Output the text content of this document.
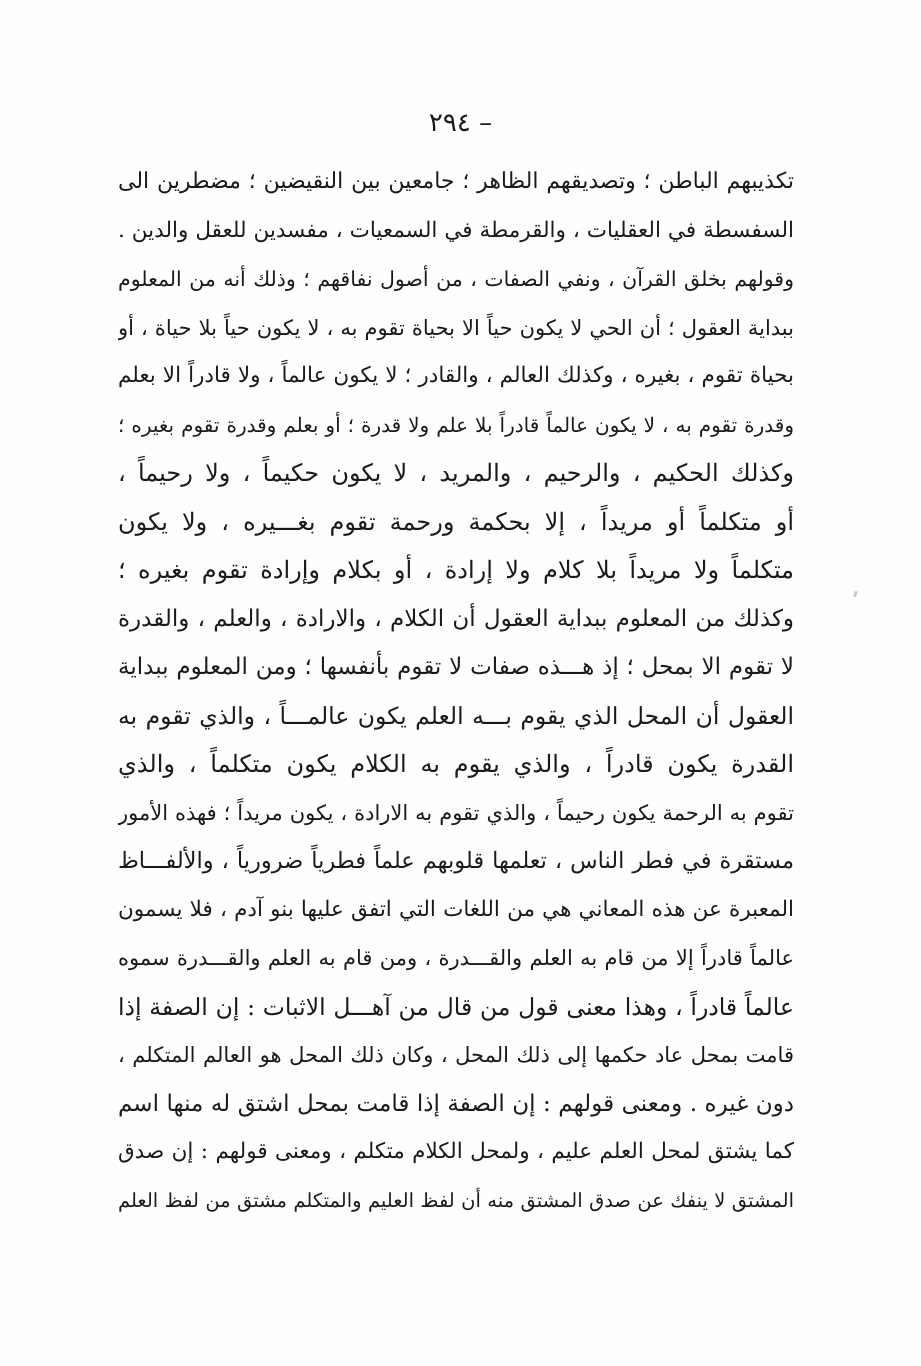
– ٢٩٤
تكذيبهم الباطن ؛ وتصديقهم الظاهر ؛ جامعين بين النقيضين ؛ مضطرين الى
السفسطة في العقليات ، والقرمطة في السمعيات ، مفسدين للعقل والدين .
وقولهم بخلق القرآن ، ونفي الصفات ، من أصول نفاقهم ؛ وذلك أنه من المعلوم
ببداية العقول ؛ أن الحي لا يكون حياً الا بحياة تقوم به ، لا يكون حياً بلا حياة ، أو
بحياة تقوم ، بغيره ، وكذلك العالم ، والقادر ؛ لا يكون عالماً ، ولا قادراً الا بعلم
وقدرة تقوم به ، لا يكون عالماً قادراً بلا علم ولا قدرة ؛ أو بعلم وقدرة تقوم بغيره ؛
وكذلك الحكيم ، والرحيم ، والمريد ، لا يكون حكيماً ، ولا رحيماً ،
أو متكلماً أو مريداً ، إلا بحكمة ورحمة تقوم بغـــيره ، ولا يكون
متكلماً ولا مريداً بلا كلام ولا إرادة ، أو بكلام وإرادة تقوم بغيره ؛
وكذلك من المعلوم ببداية العقول أن الكلام ، والارادة ، والعلم ، والقدرة
لا تقوم الا بمحل ؛ إذ هـــذه صفات لا تقوم بأنفسها ؛ ومن المعلوم ببداية
العقول أن المحل الذي يقوم بـــه العلم يكون عالمـــاً ، والذي تقوم به
القدرة يكون قادراً ، والذي يقوم به الكلام يكون متكلماً ، والذي
تقوم به الرحمة يكون رحيماً ، والذي تقوم به الارادة ، يكون مريداً ؛ فهذه الأمور
مستقرة في فطر الناس ، تعلمها قلوبهم علماً فطرياً ضرورياً ، والألفـــاظ
المعبرة عن هذه المعاني هي من اللغات التي اتفق عليها بنو آدم ، فلا يسمون
عالماً قادراً إلا من قام به العلم والقـــدرة ، ومن قام به العلم والقـــدرة سموه
عالماً قادراً ، وهذا معنى قول من قال من آهـــل الاثبات : إن الصفة إذا
قامت بمحل عاد حكمها إلى ذلك المحل ، وكان ذلك المحل هو العالم المتكلم ،
دون غيره . ومعنى قولهم : إن الصفة إذا قامت بمحل اشتق له منها اسم
كما يشتق لمحل العلم عليم ، ولمحل الكلام متكلم ، ومعنى قولهم : إن صدق
المشتق لا ينفك عن صدق المشتق منه أن لفظ العليم والمتكلم مشتق من لفظ العلم
